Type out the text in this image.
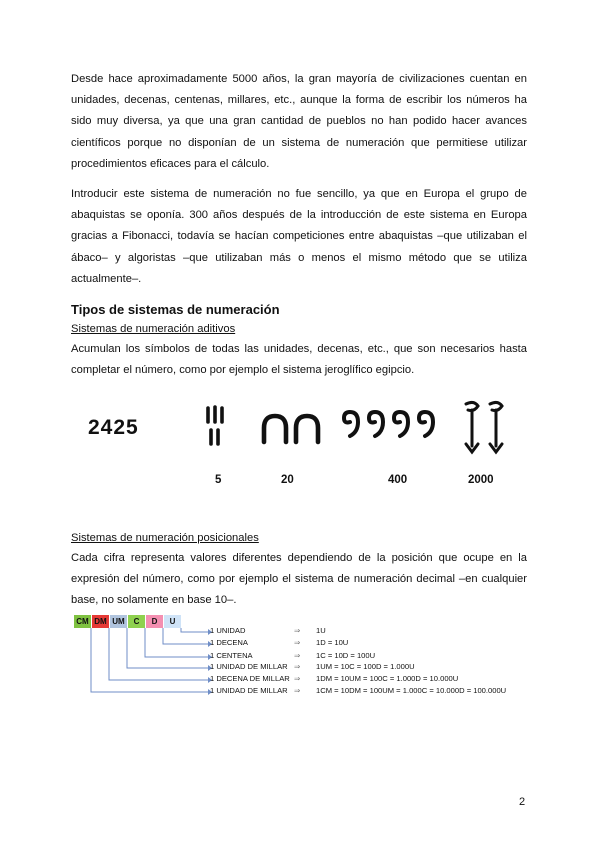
Desde hace aproximadamente 5000 años, la gran mayoría de civilizaciones cuentan en unidades, decenas, centenas, millares, etc., aunque la forma de escribir los números ha sido muy diversa, ya que una gran cantidad de pueblos no han podido hacer avances científicos porque no disponían de un sistema de numeración que permitiese utilizar procedimientos eficaces para el cálculo.

Introducir este sistema de numeración no fue sencillo, ya que en Europa el grupo de abaquistas se oponía. 300 años después de la introducción de este sistema en Europa gracias a Fibonacci, todavía se hacían competiciones entre abaquistas –que utilizaban el ábaco– y algoristas –que utilizaban más o menos el mismo método que se utiliza actualmente–.

Tipos de sistemas de numeración

Sistemas de numeración aditivos

Acumulan los símbolos de todas las unidades, decenas, etc., que son necesarios hasta completar el número, como por ejemplo el sistema jeroglífico egipcio.

2425
5	20	400	2000

Sistemas de numeración posicionales

Cada cifra representa valores diferentes dependiendo de la posición que ocupe en la expresión del número, como por ejemplo el sistema de numeración decimal –en cualquier base, no solamente en base 10–.

CM DM UM	C	D	U
1 UNIDAD	⇒ 1U
1 DECENA	⇒ 1D = 10U
1 CENTENA	⇒ 1C = 10D = 100U
1 UNIDAD DE MILLAR ⇒ 1UM = 10C = 100D = 1.000U
1 DECENA DE MILLAR ⇒ 1DM = 10UM = 100C = 1.000D = 10.000U
1 UNIDAD DE MILLAR ⇒ 1CM = 10DM = 100UM = 1.000C = 10.000D = 100.000U
2
